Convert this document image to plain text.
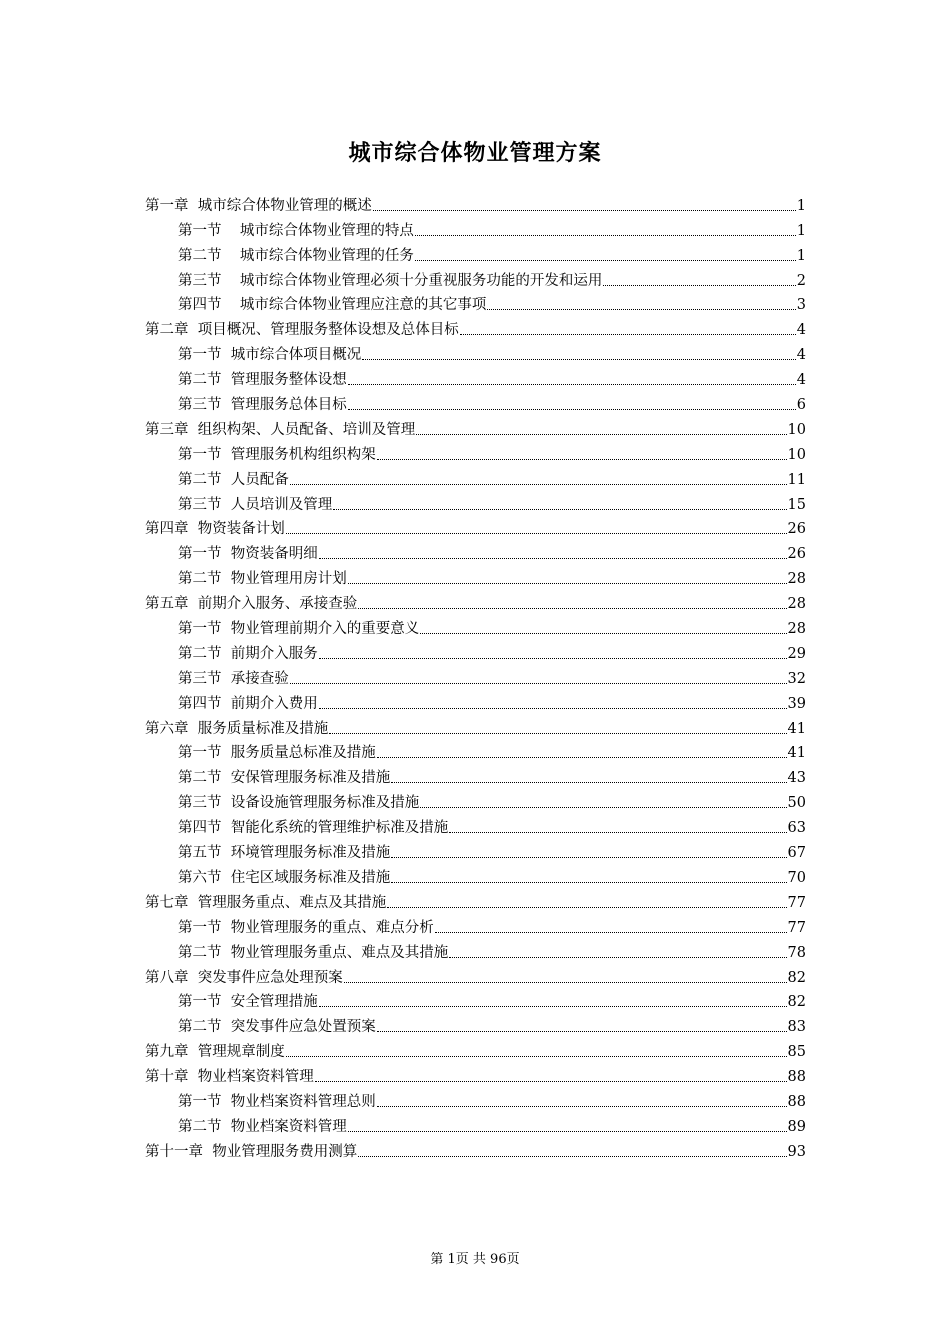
城市综合体物业管理方案
第一章  城市综合体物业管理的概述	1
第一节    城市综合体物业管理的特点	1
第二节    城市综合体物业管理的任务	1
第三节    城市综合体物业管理必须十分重视服务功能的开发和运用	2
第四节    城市综合体物业管理应注意的其它事项	3
第二章  项目概况、管理服务整体设想及总体目标	4
第一节  城市综合体项目概况	4
第二节  管理服务整体设想	4
第三节  管理服务总体目标	6
第三章  组织构架、人员配备、培训及管理	10
第一节  管理服务机构组织构架	10
第二节  人员配备	11
第三节  人员培训及管理	15
第四章  物资装备计划	26
第一节  物资装备明细	26
第二节  物业管理用房计划	28
第五章  前期介入服务、承接查验	28
第一节  物业管理前期介入的重要意义	28
第二节  前期介入服务	29
第三节  承接查验	32
第四节  前期介入费用	39
第六章  服务质量标准及措施	41
第一节  服务质量总标准及措施	41
第二节  安保管理服务标准及措施	43
第三节  设备设施管理服务标准及措施	50
第四节  智能化系统的管理维护标准及措施	63
第五节  环境管理服务标准及措施	67
第六节  住宅区域服务标准及措施	70
第七章  管理服务重点、难点及其措施	77
第一节  物业管理服务的重点、难点分析	77
第二节  物业管理服务重点、难点及其措施	78
第八章  突发事件应急处理预案	82
第一节  安全管理措施	82
第二节  突发事件应急处置预案	83
第九章  管理规章制度	85
第十章  物业档案资料管理	88
第一节  物业档案资料管理总则	88
第二节  物业档案资料管理	89
第十一章  物业管理服务费用测算	93
第 1页 共 96页
